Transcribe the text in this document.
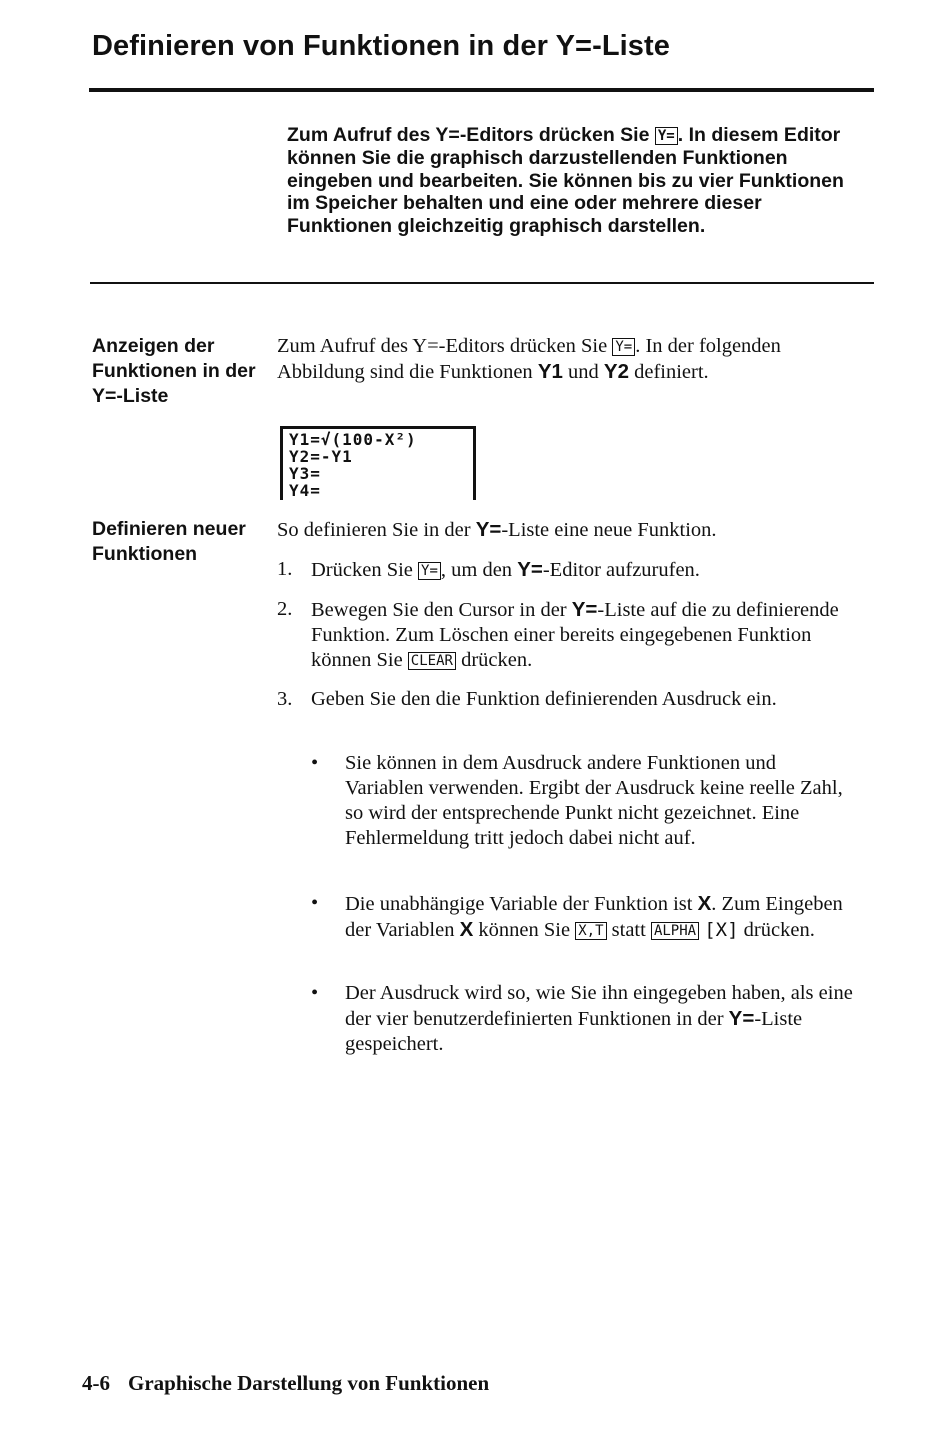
Definieren von Funktionen in der Y=-Liste

Zum Aufruf des Y=-Editors drücken Sie Y= . In diesem Editor können Sie die graphisch darzustellenden Funktionen eingeben und bearbeiten. Sie können bis zu vier Funktionen im Speicher behalten und eine oder mehrere dieser Funktionen gleichzeitig graphisch darstellen.

Anzeigen der Funktionen in der Y=-Liste

Zum Aufruf des Y=-Editors drücken Sie Y= . In der folgenden Abbildung sind die Funktionen Y1 und Y2 definiert.

Y1=√(100-X²)
Y2=-Y1
Y3=
Y4=
Definieren neuer Funktionen

So definieren Sie in der Y=-Liste eine neue Funktion.

1. Drücken Sie Y= , um den Y=-Editor aufzurufen.
2. Bewegen Sie den Cursor in der Y=-Liste auf die zu definierende Funktion. Zum Löschen einer bereits eingegebenen Funktion können Sie CLEAR drücken.
3. Geben Sie den die Funktion definierenden Ausdruck ein.
• Sie können in dem Ausdruck andere Funktionen und Variablen verwenden. Ergibt der Ausdruck keine reelle Zahl, so wird der entsprechende Punkt nicht gezeichnet. Eine Fehlermeldung tritt jedoch dabei nicht auf.
• Die unabhängige Variable der Funktion ist X. Zum Eingeben der Variablen X können Sie X,T statt ALPHA [X] drücken.
• Der Ausdruck wird so, wie Sie ihn eingegeben haben, als eine der vier benutzerdefinierten Funktionen in der Y=-Liste gespeichert.

4-6 Graphische Darstellung von Funktionen
